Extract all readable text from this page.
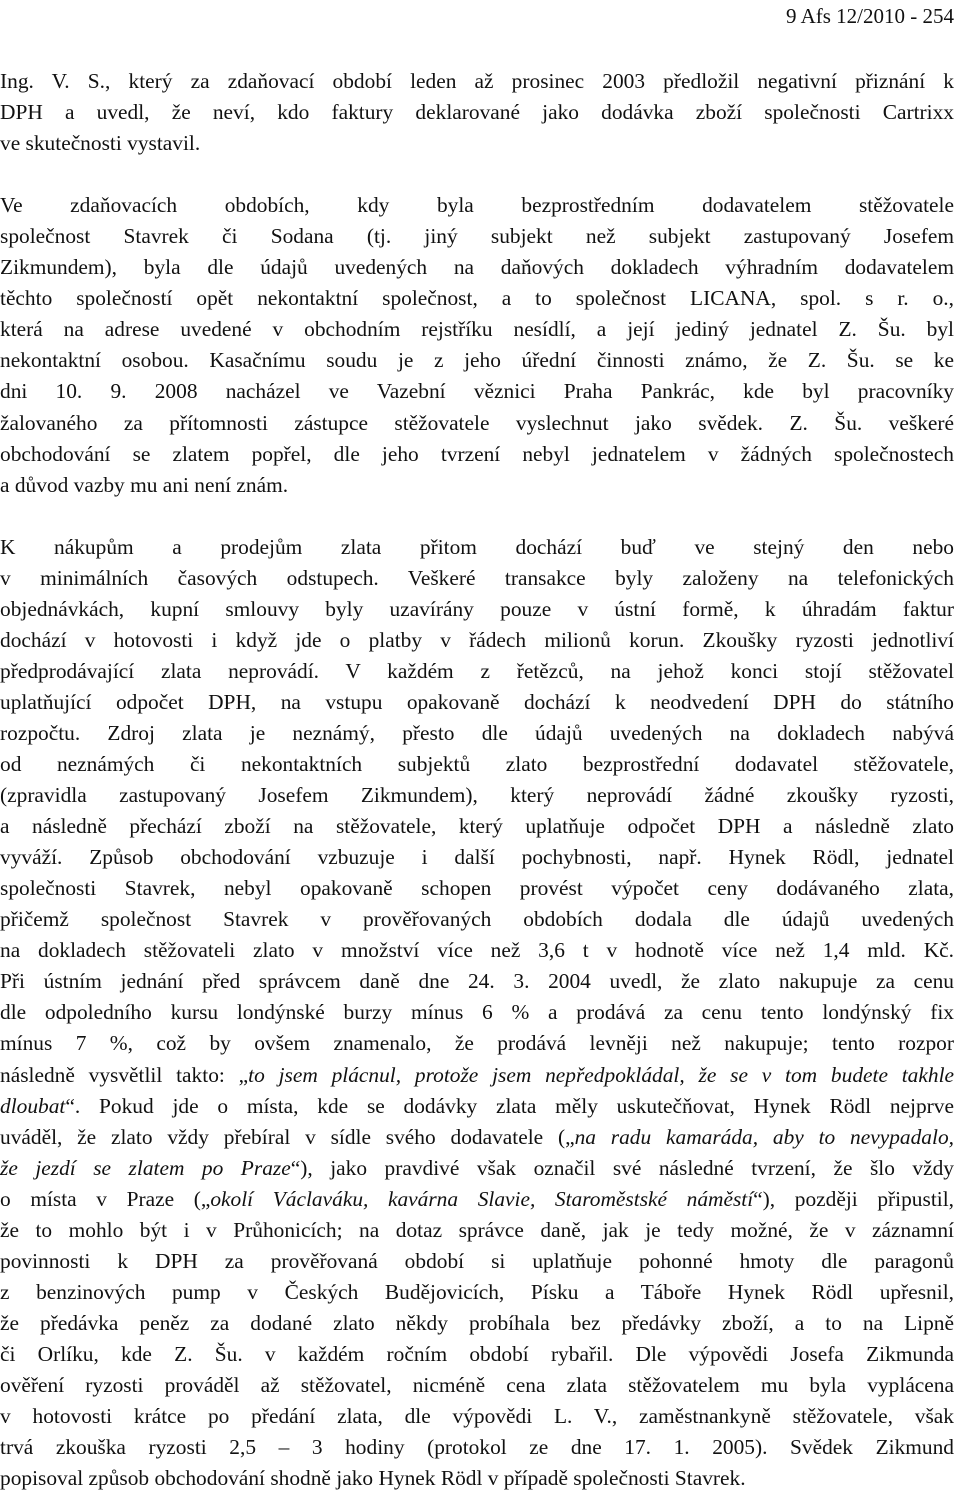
9 Afs 12/2010 - 254
Ing. V. S., který za zdaňovací období leden až prosinec 2003 předložil negativní přiznání k
DPH a uvedl, že neví, kdo faktury deklarované jako dodávka zboží společnosti Cartrixx
ve skutečnosti vystavil.
Ve zdaňovacích obdobích, kdy byla bezprostředním dodavatelem stěžovatele
společnost Stavrek či Sodana (tj. jiný subjekt než subjekt zastupovaný Josefem
Zikmundem), byla dle údajů uvedených na daňových dokladech výhradním dodavatelem
těchto společností opět nekontaktní společnost, a to společnost LICANA, spol. s r. o.,
která na adrese uvedené v obchodním rejstříku nesídlí, a její jediný jednatel Z. Šu. byl
nekontaktní osobou. Kasačnímu soudu je z jeho úřední činnosti známo, že Z. Šu. se ke
dni 10. 9. 2008 nacházel ve Vazební věznici Praha Pankrác, kde byl pracovníky
žalovaného za přítomnosti zástupce stěžovatele vyslechnut jako svědek. Z. Šu. veškeré
obchodování se zlatem popřel, dle jeho tvrzení nebyl jednatelem v žádných společnostech
a důvod vazby mu ani není znám.
K nákupům a prodejům zlata přitom dochází buď ve stejný den nebo
v minimálních časových odstupech. Veškeré transakce byly založeny na telefonických
objednávkách, kupní smlouvy byly uzavírány pouze v ústní formě, k úhradám faktur
dochází v hotovosti i když jde o platby v řádech milionů korun. Zkoušky ryzosti jednotliví
předprodávající zlata neprovádí. V každém z řetězců, na jehož konci stojí stěžovatel
uplatňující odpočet DPH, na vstupu opakovaně dochází k neodvedení DPH do státního
rozpočtu. Zdroj zlata je neznámý, přesto dle údajů uvedených na dokladech nabývá
od neznámých či nekontaktních subjektů zlato bezprostřední dodavatel stěžovatele,
(zpravidla zastupovaný Josefem Zikmundem), který neprovádí žádné zkoušky ryzosti,
a následně přechází zboží na stěžovatele, který uplatňuje odpočet DPH a následně zlato
vyváží. Způsob obchodování vzbuzuje i další pochybnosti, např. Hynek Rödl, jednatel
společnosti Stavrek, nebyl opakovaně schopen provést výpočet ceny dodávaného zlata,
přičemž společnost Stavrek v prověřovaných obdobích dodala dle údajů uvedených
na dokladech stěžovateli zlato v množství více než 3,6 t v hodnotě více než 1,4 mld. Kč.
Při ústním jednání před správcem daně dne 24. 3. 2004 uvedl, že zlato nakupuje za cenu
dle odpoledního kursu londýnské burzy mínus 6 % a prodává za cenu tento londýnský fix
mínus 7 %, což by ovšem znamenalo, že prodává levněji než nakupuje; tento rozpor
následně vysvětlil takto: „to jsem plácnul, protože jsem nepředpokládal, že se v tom budete takhle
dloubat“. Pokud jde o místa, kde se dodávky zlata měly uskutečňovat, Hynek Rödl nejprve
uváděl, že zlato vždy přebíral v sídle svého dodavatele („na radu kamaráda, aby to nevypadalo,
že jezdí se zlatem po Praze“), jako pravdivé však označil své následné tvrzení, že šlo vždy
o místa v Praze („okolí Václaváku, kavárna Slavie, Staroměstské náměstí“), později připustil,
že to mohlo být i v Průhonicích; na dotaz správce daně, jak je tedy možné, že v záznamní
povinnosti k DPH za prověřovaná období si uplatňuje pohonné hmoty dle paragonů
z benzinových pump v Českých Budějovicích, Písku a Táboře Hynek Rödl upřesnil,
že předávka peněz za dodané zlato někdy probíhala bez předávky zboží, a to na Lipně
či Orlíku, kde Z. Šu. v každém ročním období rybařil. Dle výpovědi Josefa Zikmunda
ověření ryzosti prováděl až stěžovatel, nicméně cena zlata stěžovatelem mu byla vyplácena
v hotovosti krátce po předání zlata, dle výpovědi L. V., zaměstnankyně stěžovatele, však
trvá zkouška ryzosti 2,5 – 3 hodiny (protokol ze dne 17. 1. 2005). Svědek Zikmund
popisoval způsob obchodování shodně jako Hynek Rödl v případě společnosti Stavrek.
